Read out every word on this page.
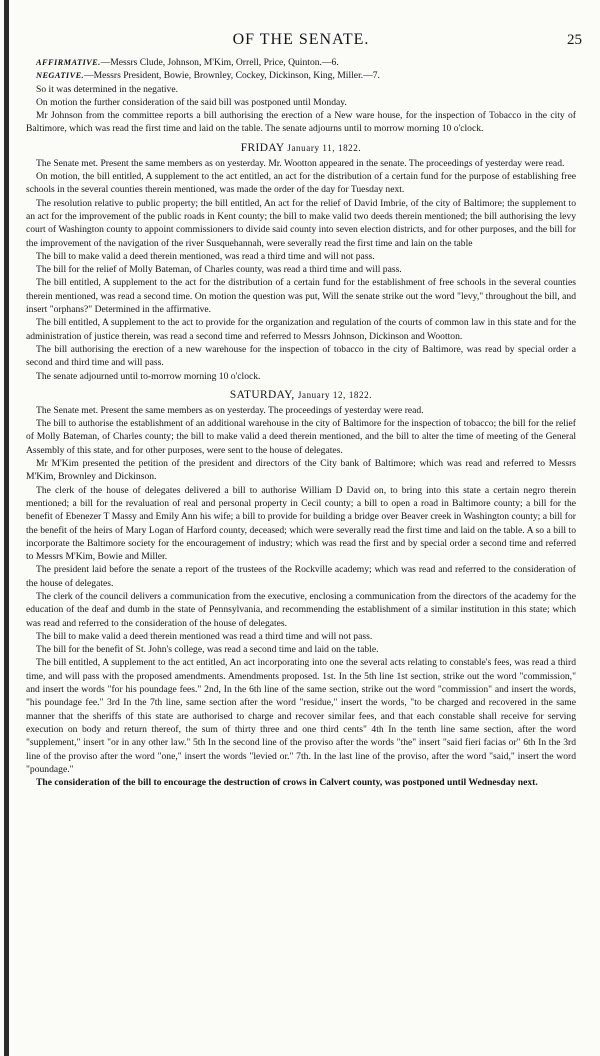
OF THE SENATE.	25

AFFIRMATIVE.—Messrs Clude, Johnson, M'Kim, Orrell, Price, Quinton.—6.

NEGATIVE.—Messrs President, Bowie, Brownley, Cockey, Dickinson, King, Miller.—7.

So it was determined in the negative.

On motion the further consideration of the said bill was postponed until Monday.

Mr Johnson from the committee reports a bill authorising the erection of a New ware house, for the inspection of Tobacco in the city of Baltimore, which was read the first time and laid on the table. The senate adjourns until to morrow morning 10 o'clock.

FRIDAY January 11, 1822.

The Senate met. Present the same members as on yesterday. Mr. Wootton appeared in the senate. The proceedings of yesterday were read.

On motion, the bill entitled, A supplement to the act entitled, an act for the distribution of a certain fund for the purpose of establishing free schools in the several counties therein mentioned, was made the order of the day for Tuesday next.

The resolution relative to public property; the bill entitled, An act for the relief of David Imbrie, of the city of Baltimore; the supplement to an act for the improvement of the public roads in Kent county; the bill to make valid two deeds therein mentioned; the bill authorising the levy court of Washington county to appoint commissioners to divide said county into seven election districts, and for other purposes, and the bill for the improvement of the navigation of the river Susquehannah, were severally read the first time and lain on the table

The bill to make valid a deed therein mentioned, was read a third time and will not pass.

The bill for the relief of Molly Bateman, of Charles county, was read a third time and will pass.

The bill entitled, A supplement to the act for the distribution of a certain fund for the establishment of free schools in the several counties therein mentioned, was read a second time. On motion the question was put, Will the senate strike out the word "levy," throughout the bill, and insert "orphans?" Determined in the affirmative.

The bill entitled, A supplement to the act to provide for the organization and regulation of the courts of common law in this state and for the administration of justice therein, was read a second time and referred to Messrs Johnson, Dickinson and Wootton.

The bill authorising the erection of a new warehouse for the inspection of tobacco in the city of Baltimore, was read by special order a second and third time and will pass.

The senate adjourned until to-morrow morning 10 o'clock.

SATURDAY, January 12, 1822.

The Senate met. Present the same members as on yesterday. The proceedings of yesterday were read.

The bill to authorise the establishment of an additional warehouse in the city of Baltimore for the inspection of tobacco; the bill for the relief of Molly Bateman, of Charles county; the bill to make valid a deed therein mentioned, and the bill to alter the time of meeting of the General Assembly of this state, and for other purposes, were sent to the house of delegates.

Mr M'Kim presented the petition of the president and directors of the City bank of Baltimore; which was read and referred to Messrs M'Kim, Brownley and Dickinson.

The clerk of the house of delegates delivered a bill to authorise William D David on, to bring into this state a certain negro therein mentioned; a bill for the revaluation of real and personal property in Cecil county; a bill to open a road in Baltimore county; a bill for the benefit of Ebenezer T Massy and Emily Ann his wife; a bill to provide for building a bridge over Beaver creek in Washington county; a bill for the benefit of the heirs of Mary Logan of Harford county, deceased; which were severally read the first time and laid on the table. A so a bill to incorporate the Baltimore society for the encouragement of industry; which was read the first and by special order a second time and referred to Messrs M'Kim, Bowie and Miller.

The president laid before the senate a report of the trustees of the Rockville academy; which was read and referred to the consideration of the house of delegates.

The clerk of the council delivers a communication from the executive, enclosing a communication from the directors of the academy for the education of the deaf and dumb in the state of Pennsylvania, and recommending the establishment of a similar institution in this state; which was read and referred to the consideration of the house of delegates.

The bill to make valid a deed therein mentioned was read a third time and will not pass.

The bill for the benefit of St. John's college, was read a second time and laid on the table.

The bill entitled, A supplement to the act entitled, An act incorporating into one the several acts relating to constable's fees, was read a third time, and will pass with the proposed amendments. Amendments proposed. 1st. In the 5th line 1st section, strike out the word "commission," and insert the words "for his poundage fees." 2nd, In the 6th line of the same section, strike out the word "commission" and insert the words, "his poundage fee." 3rd In the 7th line, same section after the word "residue," insert the words, "to be charged and recovered in the same manner that the sheriffs of this state are authorised to charge and recover similar fees, and that each constable shall receive for serving execution on body and return thereof, the sum of thirty three and one third cents" 4th In the tenth line same section, after the word "supplement," insert "or in any other law." 5th In the second line of the proviso after the words "the" insert "said fieri facias or" 6th In the 3rd line of the proviso after the word "one," insert the words "levied or." 7th. In the last line of the proviso, after the word "said," insert the word "poundage."

The consideration of the bill to encourage the destruction of crows in Calvert county, was postponed until Wednesday next.
